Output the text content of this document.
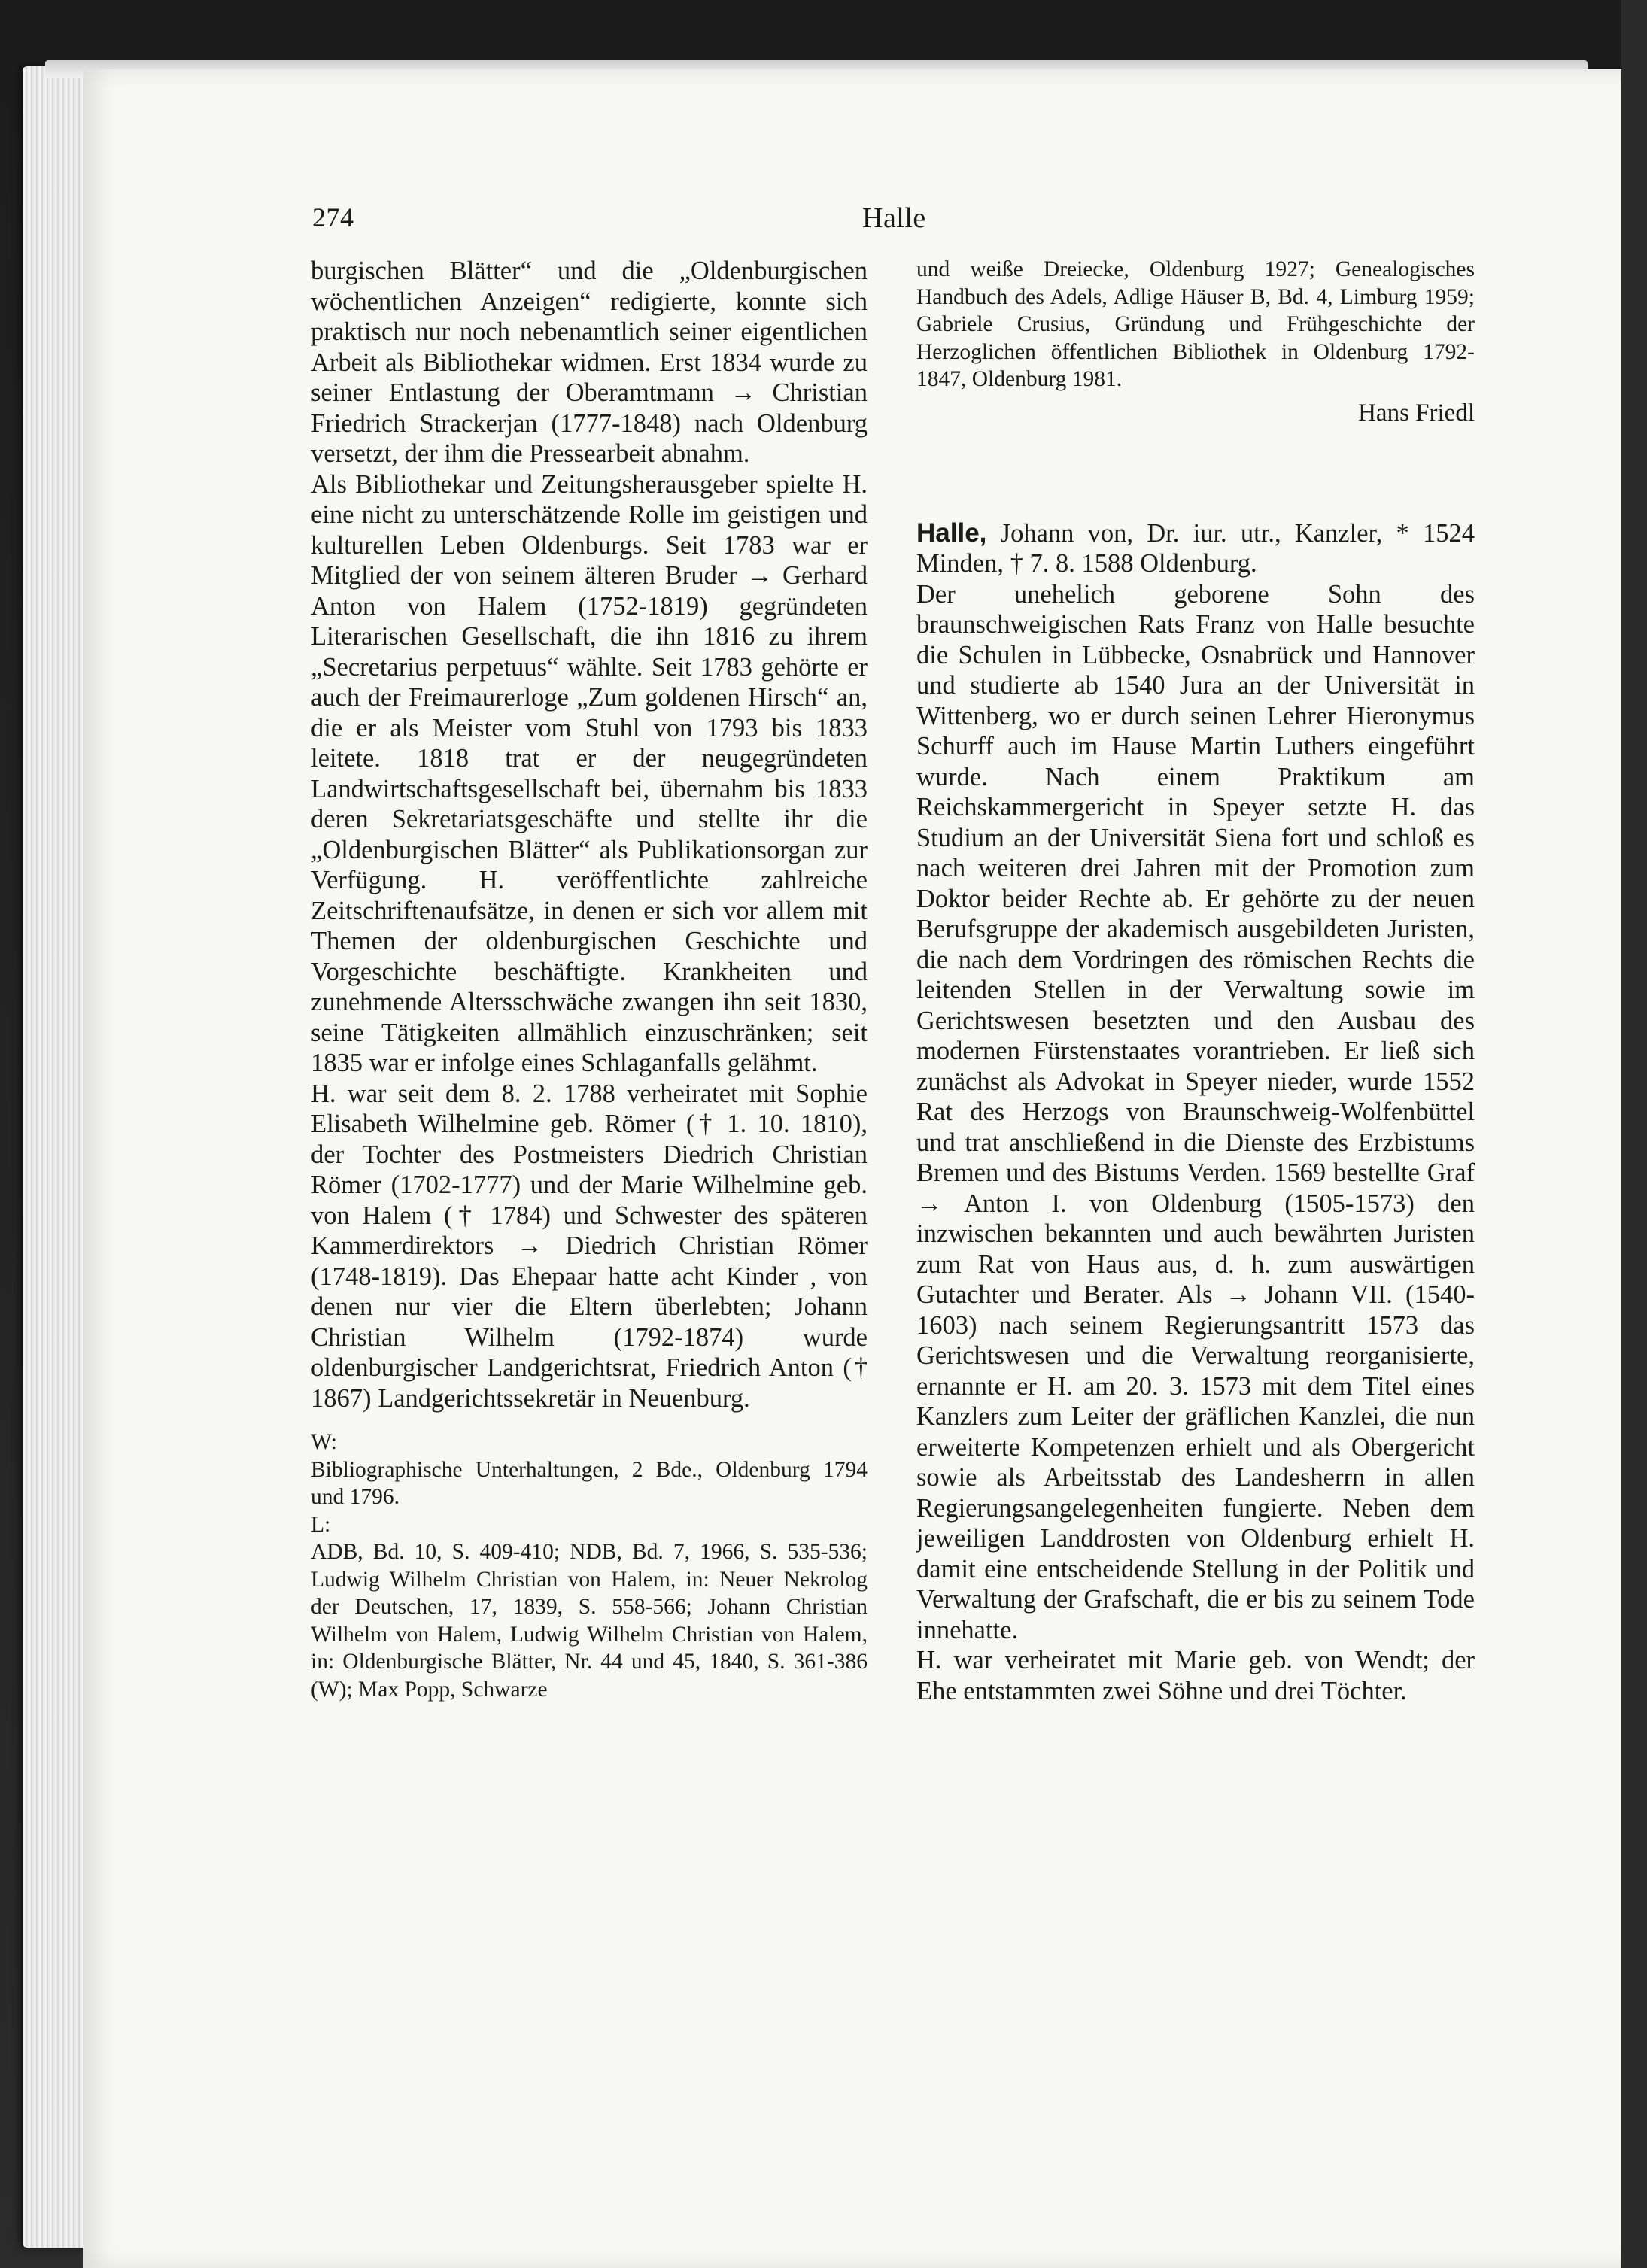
274	Halle

burgischen Blätter“ und die „Oldenburgischen wöchentlichen Anzeigen“ redigierte, konnte sich praktisch nur noch nebenamtlich seiner eigentlichen Arbeit als Bibliothekar widmen. Erst 1834 wurde zu seiner Entlastung der Oberamtmann → Christian Friedrich Strackerjan (1777-1848) nach Oldenburg versetzt, der ihm die Pressearbeit abnahm.

Als Bibliothekar und Zeitungsherausgeber spielte H. eine nicht zu unterschätzende Rolle im geistigen und kulturellen Leben Oldenburgs. Seit 1783 war er Mitglied der von seinem älteren Bruder → Gerhard Anton von Halem (1752-1819) gegründeten Literarischen Gesellschaft, die ihn 1816 zu ihrem „Secretarius perpetuus“ wählte. Seit 1783 gehörte er auch der Freimaurerloge „Zum goldenen Hirsch“ an, die er als Meister vom Stuhl von 1793 bis 1833 leitete. 1818 trat er der neugegründeten Landwirtschaftsgesellschaft bei, übernahm bis 1833 deren Sekretariatsgeschäfte und stellte ihr die „Oldenburgischen Blätter“ als Publikationsorgan zur Verfügung. H. veröffentlichte zahlreiche Zeitschriftenaufsätze, in denen er sich vor allem mit Themen der oldenburgischen Geschichte und Vorgeschichte beschäftigte. Krankheiten und zunehmende Altersschwäche zwangen ihn seit 1830, seine Tätigkeiten allmählich einzuschränken; seit 1835 war er infolge eines Schlaganfalls gelähmt.

H. war seit dem 8. 2. 1788 verheiratet mit Sophie Elisabeth Wilhelmine geb. Römer († 1. 10. 1810), der Tochter des Postmeisters Diedrich Christian Römer (1702-1777) und der Marie Wilhelmine geb. von Halem († 1784) und Schwester des späteren Kammerdirektors → Diedrich Christian Römer (1748-1819). Das Ehepaar hatte acht Kinder , von denen nur vier die Eltern überlebten; Johann Christian Wilhelm (1792-1874) wurde oldenburgischer Landgerichtsrat, Friedrich Anton († 1867) Landgerichtssekretär in Neuenburg.

W:

Bibliographische Unterhaltungen, 2 Bde., Oldenburg 1794 und 1796.

L:

ADB, Bd. 10, S. 409-410; NDB, Bd. 7, 1966, S. 535-536; Ludwig Wilhelm Christian von Halem, in: Neuer Nekrolog der Deutschen, 17, 1839, S. 558-566; Johann Christian Wilhelm von Halem, Ludwig Wilhelm Christian von Halem, in: Oldenburgische Blätter, Nr. 44 und 45, 1840, S. 361-386 (W); Max Popp, Schwarze

und weiße Dreiecke, Oldenburg 1927; Genealogisches Handbuch des Adels, Adlige Häuser B, Bd. 4, Limburg 1959; Gabriele Crusius, Gründung und Frühgeschichte der Herzoglichen öffentlichen Bibliothek in Oldenburg 1792-1847, Oldenburg 1981.

Hans Friedl

Halle, Johann von, Dr. iur. utr., Kanzler, * 1524 Minden, † 7. 8. 1588 Oldenburg.

Der unehelich geborene Sohn des braunschweigischen Rats Franz von Halle besuchte die Schulen in Lübbecke, Osnabrück und Hannover und studierte ab 1540 Jura an der Universität in Wittenberg, wo er durch seinen Lehrer Hieronymus Schurff auch im Hause Martin Luthers eingeführt wurde. Nach einem Praktikum am Reichskammergericht in Speyer setzte H. das Studium an der Universität Siena fort und schloß es nach weiteren drei Jahren mit der Promotion zum Doktor beider Rechte ab. Er gehörte zu der neuen Berufsgruppe der akademisch ausgebildeten Juristen, die nach dem Vordringen des römischen Rechts die leitenden Stellen in der Verwaltung sowie im Gerichtswesen besetzten und den Ausbau des modernen Fürstenstaates vorantrieben. Er ließ sich zunächst als Advokat in Speyer nieder, wurde 1552 Rat des Herzogs von Braunschweig-Wolfenbüttel und trat anschließend in die Dienste des Erzbistums Bremen und des Bistums Verden. 1569 bestellte Graf → Anton I. von Oldenburg (1505-1573) den inzwischen bekannten und auch bewährten Juristen zum Rat von Haus aus, d. h. zum auswärtigen Gutachter und Berater. Als → Johann VII. (1540-1603) nach seinem Regierungsantritt 1573 das Gerichtswesen und die Verwaltung reorganisierte, ernannte er H. am 20. 3. 1573 mit dem Titel eines Kanzlers zum Leiter der gräflichen Kanzlei, die nun erweiterte Kompetenzen erhielt und als Obergericht sowie als Arbeitsstab des Landesherrn in allen Regierungsangelegenheiten fungierte. Neben dem jeweiligen Landdrosten von Oldenburg erhielt H. damit eine entscheidende Stellung in der Politik und Verwaltung der Grafschaft, die er bis zu seinem Tode innehatte.

H. war verheiratet mit Marie geb. von Wendt; der Ehe entstammten zwei Söhne und drei Töchter.
